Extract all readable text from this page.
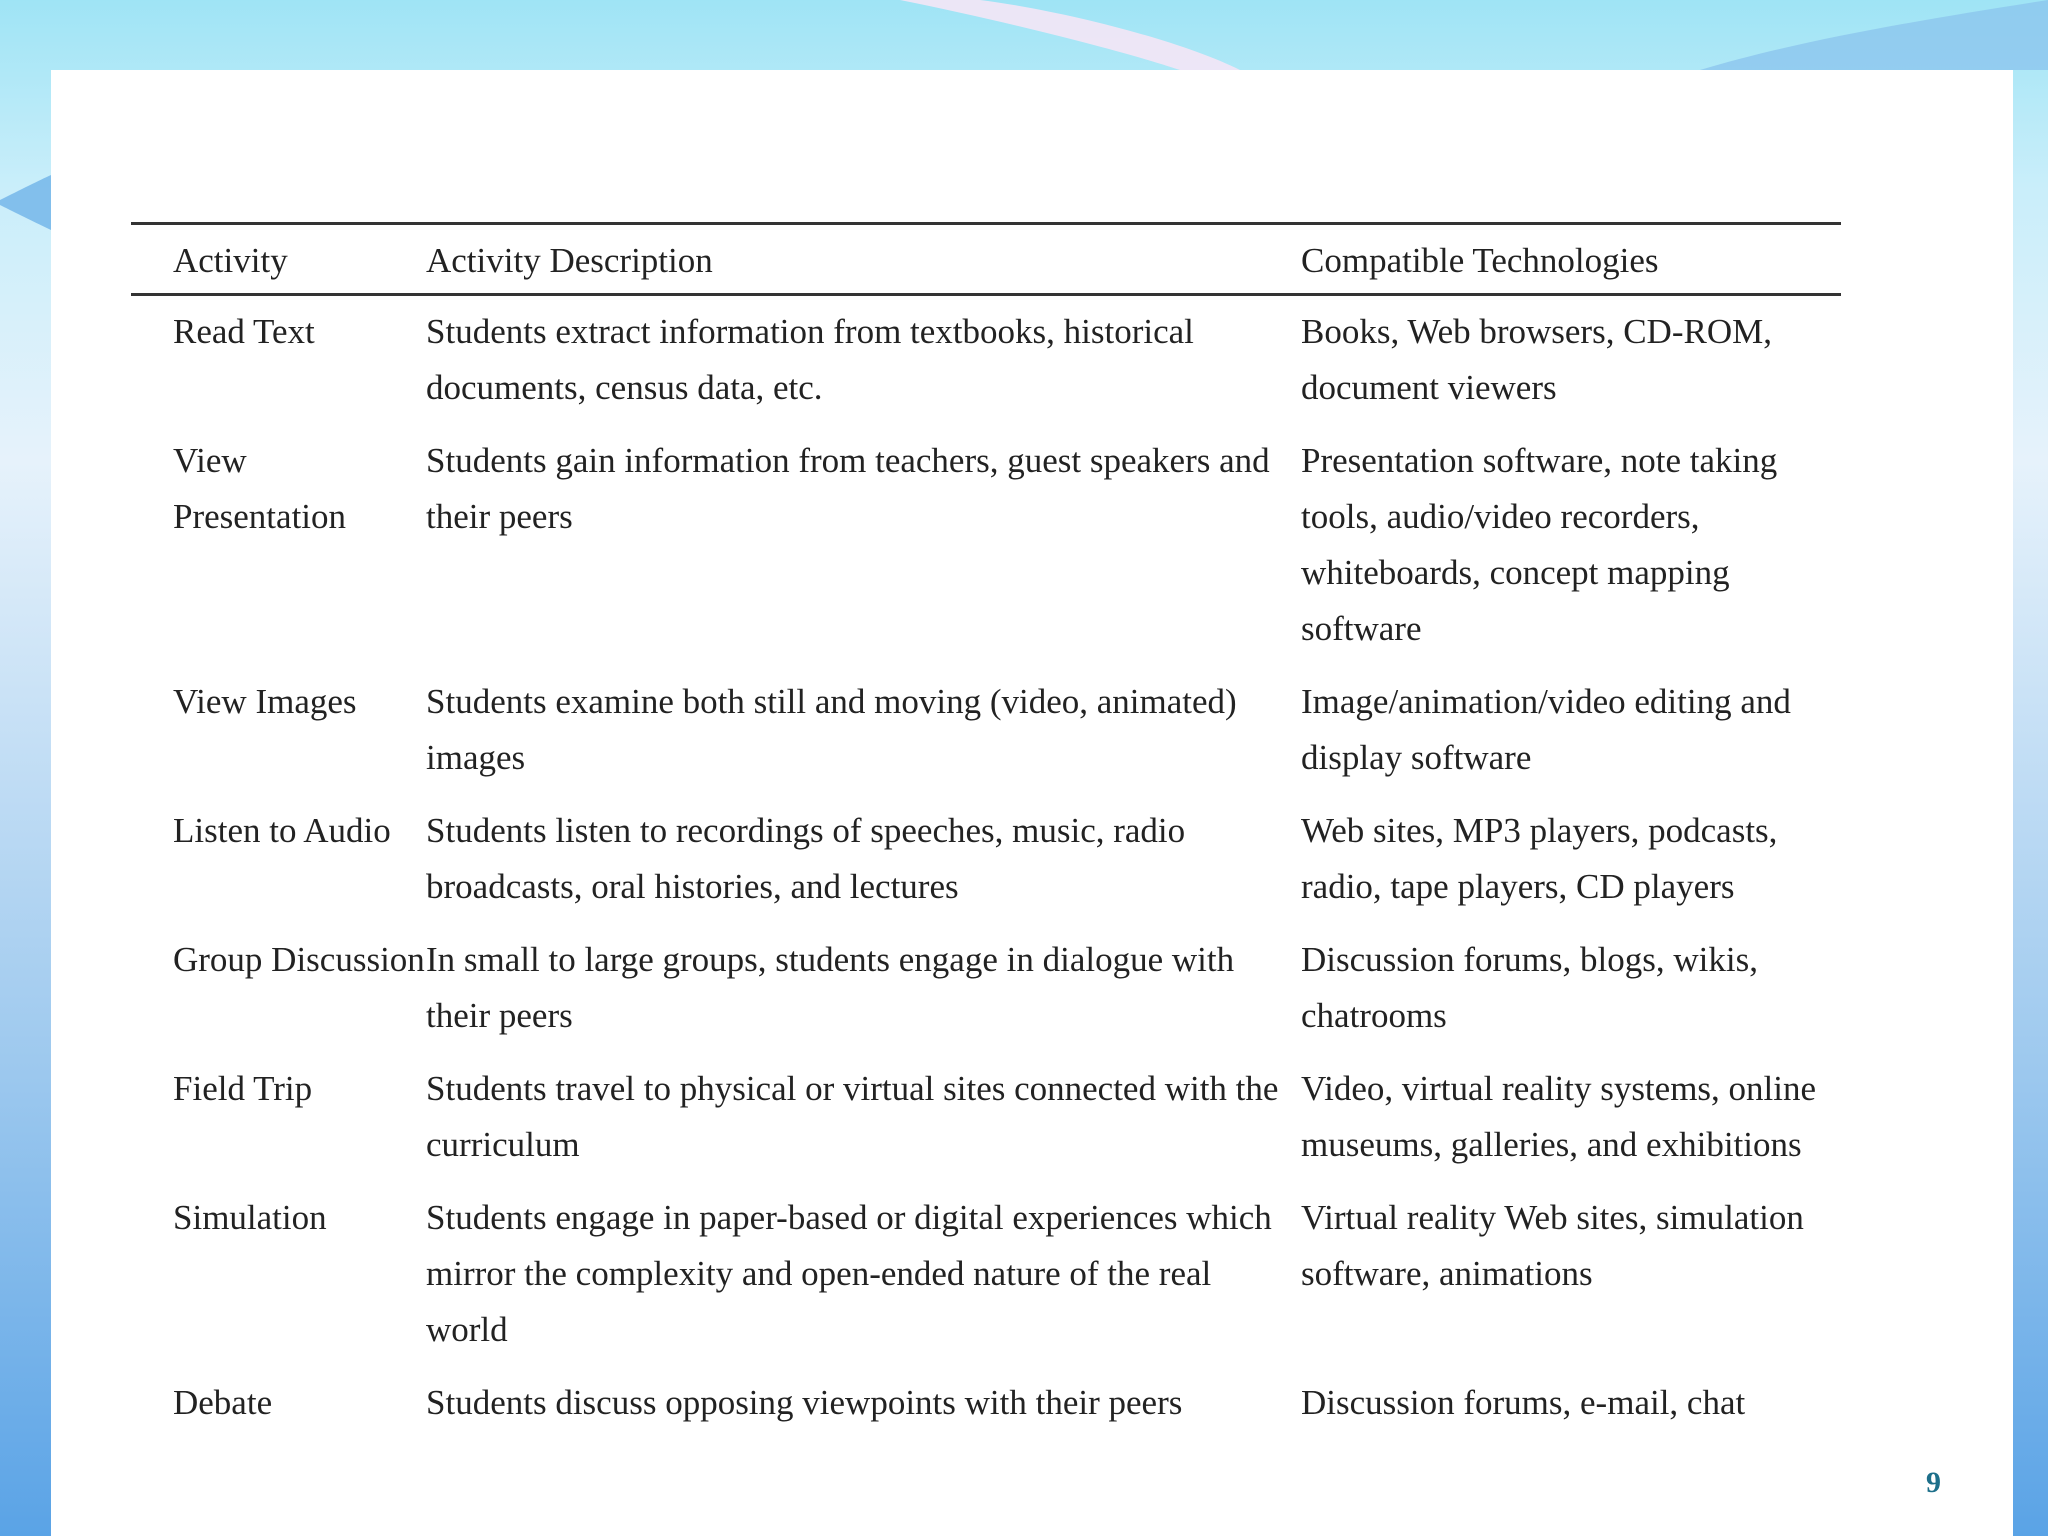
Activity	Activity Description	Compatible Technologies
Read Text	Students extract information from textbooks, historical documents, census data, etc.	Books, Web browsers, CD-ROM, document viewers
View Presentation	Students gain information from teachers, guest speakers and their peers	Presentation software, note taking tools, audio/video recorders, whiteboards, concept mapping software
View Images	Students examine both still and moving (video, animated) images	Image/animation/video editing and display software
Listen to Audio	Students listen to recordings of speeches, music, radio broadcasts, oral histories, and lectures	Web sites, MP3 players, podcasts, radio, tape players, CD players
Group Discussion	In small to large groups, students engage in dialogue with their peers	Discussion forums, blogs, wikis, chatrooms
Field Trip	Students travel to physical or virtual sites connected with the curriculum	Video, virtual reality systems, online museums, galleries, and exhibitions
Simulation	Students engage in paper-based or digital experiences which mirror the complexity and open-ended nature of the real world	Virtual reality Web sites, simulation software, animations
Debate	Students discuss opposing viewpoints with their peers	Discussion forums, e-mail, chat
9
